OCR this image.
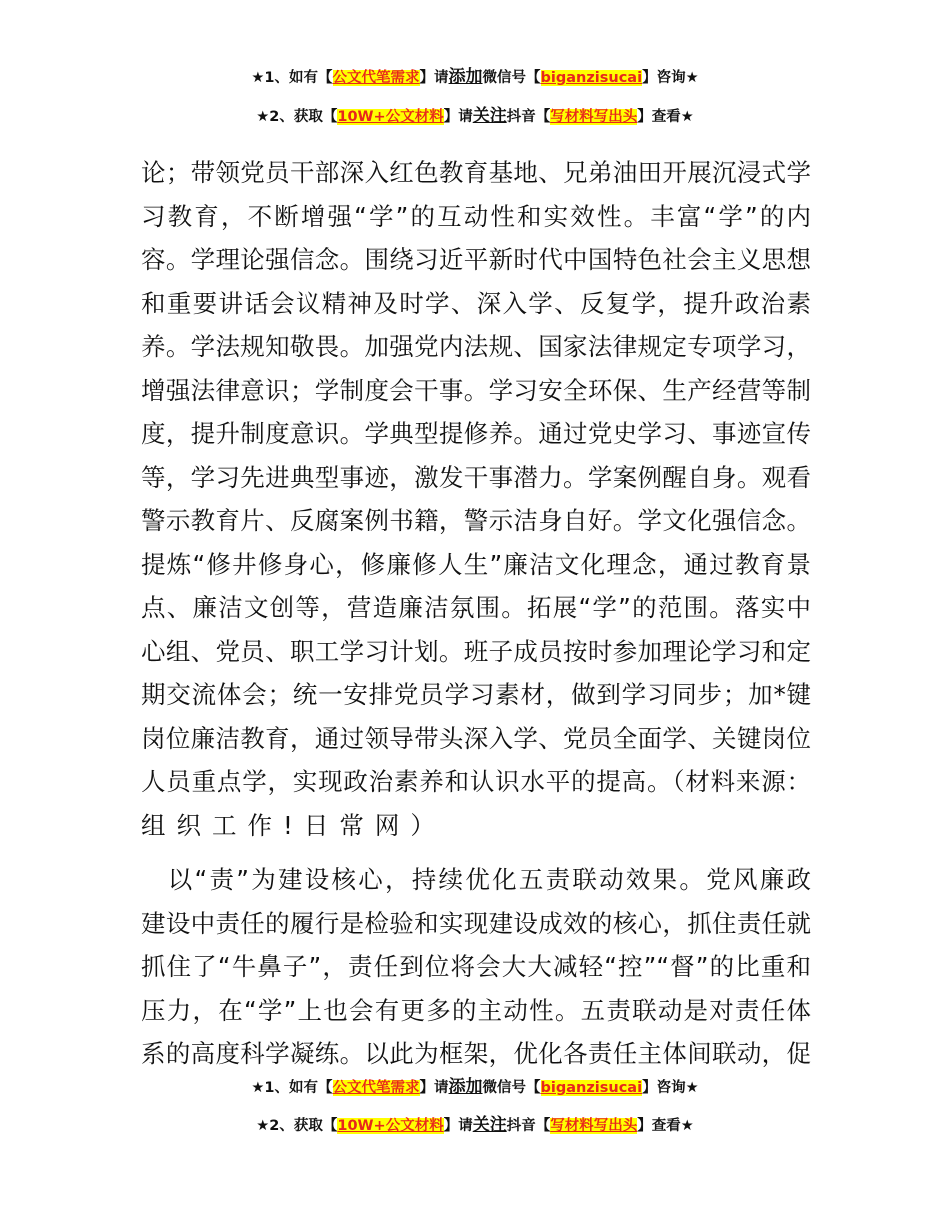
★1、如有【公文代笔需求】请添加微信号【biganzisucai】咨询★
★2、获取【10W+公文材料】请关注抖音【写材料写出头】查看★
论；带领党员干部深入红色教育基地、兄弟油田开展沉浸式学
习教育，不断增强“学”的互动性和实效性。丰富“学”的内
容。学理论强信念。围绕习近平新时代中国特色社会主义思想
和重要讲话会议精神及时学、深入学、反复学，提升政治素
养。学法规知敬畏。加强党内法规、国家法律规定专项学习，
增强法律意识；学制度会干事。学习安全环保、生产经营等制
度，提升制度意识。学典型提修养。通过党史学习、事迹宣传
等，学习先进典型事迹，激发干事潜力。学案例醒自身。观看
警示教育片、反腐案例书籍，警示洁身自好。学文化强信念。
提炼“修井修身心，修廉修人生”廉洁文化理念，通过教育景
点、廉洁文创等，营造廉洁氛围。拓展“学”的范围。落实中
心组、党员、职工学习计划。班子成员按时参加理论学习和定
期交流体会；统一安排党员学习素材，做到学习同步；加*键
岗位廉洁教育，通过领导带头深入学、党员全面学、关键岗位
人员重点学，实现政治素养和认识水平的提高。（材料来源：
组织工作!日常网）
　以“责”为建设核心，持续优化五责联动效果。党风廉政
建设中责任的履行是检验和实现建设成效的核心，抓住责任就
抓住了“牛鼻子”，责任到位将会大大减轻“控”“督”的比重和
压力，在“学”上也会有更多的主动性。五责联动是对责任体
系的高度科学凝练。以此为框架，优化各责任主体间联动，促
★1、如有【公文代笔需求】请添加微信号【biganzisucai】咨询★
★2、获取【10W+公文材料】请关注抖音【写材料写出头】查看★
